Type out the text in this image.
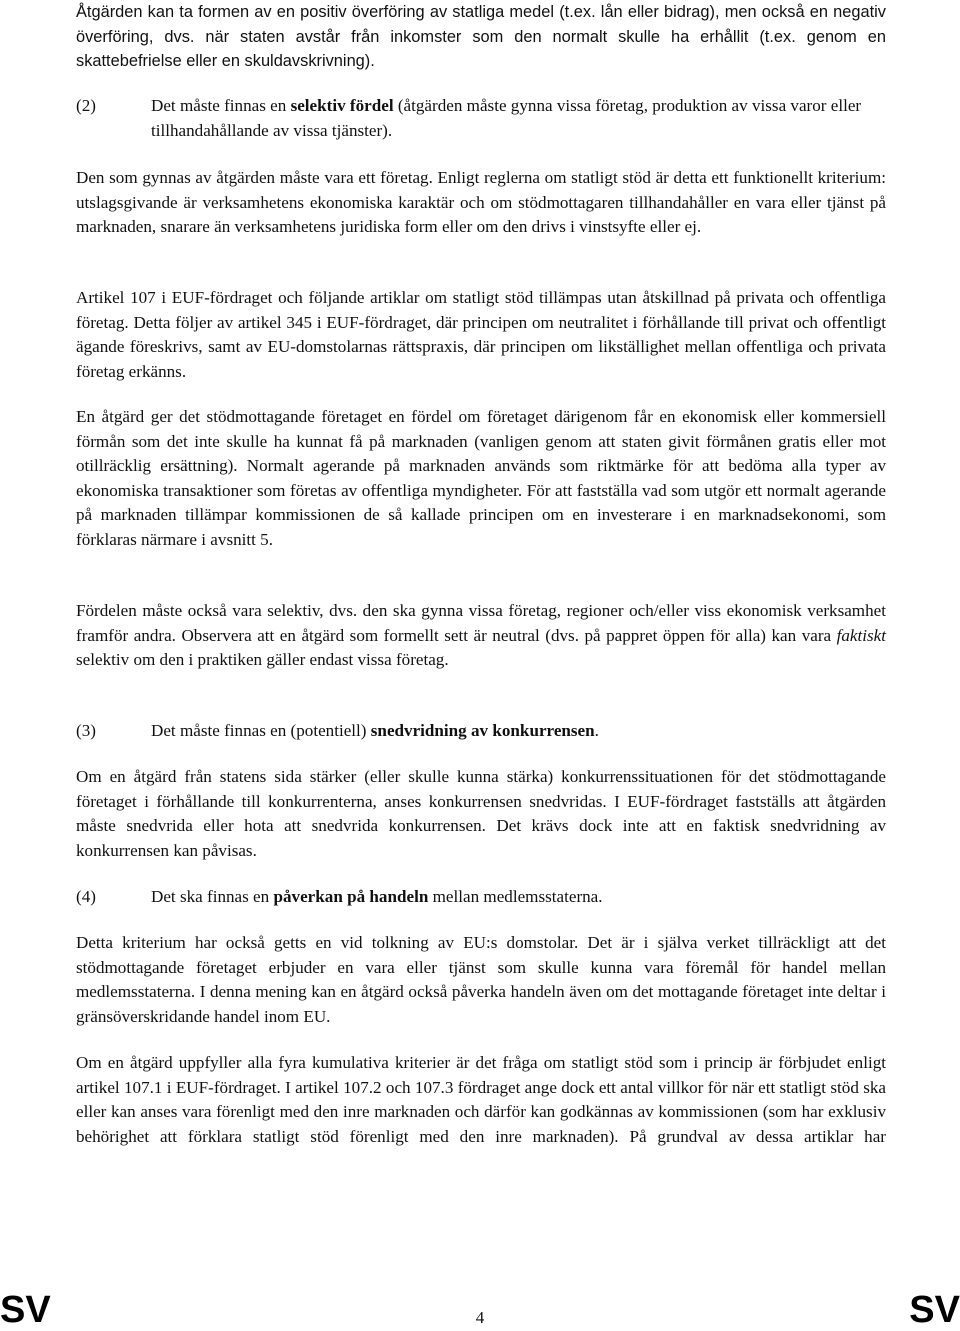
Åtgärden kan ta formen av en positiv överföring av statliga medel (t.ex. lån eller bidrag), men också en negativ överföring, dvs. när staten avstår från inkomster som den normalt skulle ha erhållit (t.ex. genom en skattebefrielse eller en skuldavskrivning).

(2)	Det måste finnas en selektiv fördel (åtgärden måste gynna vissa företag, produktion av vissa varor eller tillhandahållande av vissa tjänster).

Den som gynnas av åtgärden måste vara ett företag. Enligt reglerna om statligt stöd är detta ett funktionellt kriterium: utslagsgivande är verksamhetens ekonomiska karaktär och om stödmottagaren tillhandahåller en vara eller tjänst på marknaden, snarare än verksamhetens juridiska form eller om den drivs i vinstsyfte eller ej.

Artikel 107 i EUF-fördraget och följande artiklar om statligt stöd tillämpas utan åtskillnad på privata och offentliga företag. Detta följer av artikel 345 i EUF-fördraget, där principen om neutralitet i förhållande till privat och offentligt ägande föreskrivs, samt av EU-domstolarnas rättspraxis, där principen om likställighet mellan offentliga och privata företag erkänns.

En åtgärd ger det stödmottagande företaget en fördel om företaget därigenom får en ekonomisk eller kommersiell förmån som det inte skulle ha kunnat få på marknaden (vanligen genom att staten givit förmånen gratis eller mot otillräcklig ersättning). Normalt agerande på marknaden används som riktmärke för att bedöma alla typer av ekonomiska transaktioner som företas av offentliga myndigheter. För att fastställa vad som utgör ett normalt agerande på marknaden tillämpar kommissionen de så kallade principen om en investerare i en marknadsekonomi, som förklaras närmare i avsnitt 5.

Fördelen måste också vara selektiv, dvs. den ska gynna vissa företag, regioner och/eller viss ekonomisk verksamhet framför andra. Observera att en åtgärd som formellt sett är neutral (dvs. på pappret öppen för alla) kan vara faktiskt selektiv om den i praktiken gäller endast vissa företag.

(3)	Det måste finnas en (potentiell) snedvridning av konkurrensen.

Om en åtgärd från statens sida stärker (eller skulle kunna stärka) konkurrenssituationen för det stödmottagande företaget i förhållande till konkurrenterna, anses konkurrensen snedvridas. I EUF-fördraget fastställs att åtgärden måste snedvrida eller hota att snedvrida konkurrensen. Det krävs dock inte att en faktisk snedvridning av konkurrensen kan påvisas.

(4)	Det ska finnas en påverkan på handeln mellan medlemsstaterna.

Detta kriterium har också getts en vid tolkning av EU:s domstolar. Det är i själva verket tillräckligt att det stödmottagande företaget erbjuder en vara eller tjänst som skulle kunna vara föremål för handel mellan medlemsstaterna. I denna mening kan en åtgärd också påverka handeln även om det mottagande företaget inte deltar i gränsöverskridande handel inom EU.

Om en åtgärd uppfyller alla fyra kumulativa kriterier är det fråga om statligt stöd som i princip är förbjudet enligt artikel 107.1 i EUF-fördraget. I artikel 107.2 och 107.3 fördraget ange dock ett antal villkor för när ett statligt stöd ska eller kan anses vara förenligt med den inre marknaden och därför kan godkännas av kommissionen (som har exklusiv behörighet att förklara statligt stöd förenligt med den inre marknaden). På grundval av dessa artiklar har

SV	4	SV
